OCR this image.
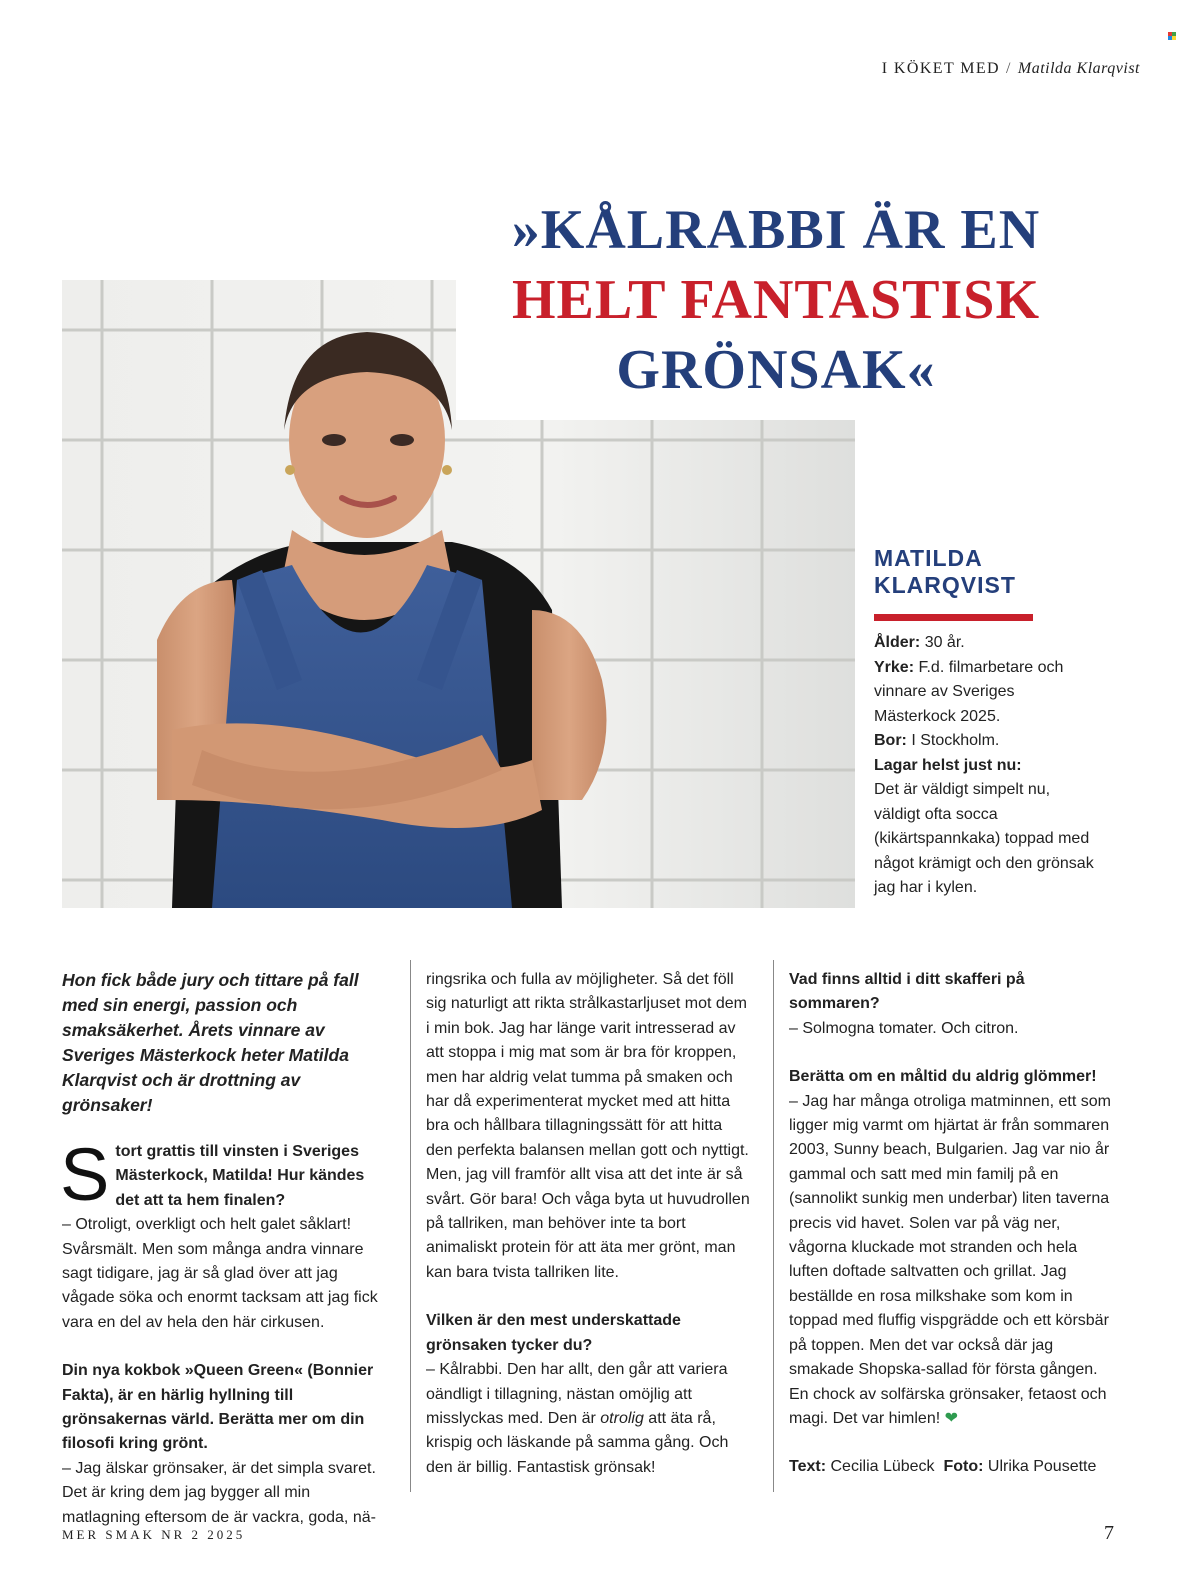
I KÖKET MED / Matilda Klarqvist
»KÅLRABBI ÄR EN
HELT FANTASTISK
GRÖNSAK«
MATILDA
KLARQVIST
Ålder: 30 år.
Yrke: F.d. filmarbetare och vinnare av Sveriges Mästerkock 2025.
Bor: I Stockholm.
Lagar helst just nu:
Det är väldigt simpelt nu, väldigt ofta socca (kikärtspannkaka) toppad med något krämigt och den grönsak jag har i kylen.

Hon fick både jury och tittare på fall med sin energi, passion och smaksäkerhet. Årets vinnare av Sveriges Mästerkock heter Matilda Klarqvist och är drottning av grönsaker!

S tort grattis till vinsten i Sveriges Mästerkock, Matilda! Hur kändes det att ta hem finalen?

– Otroligt, overkligt och helt galet såklart! Svårsmält. Men som många andra vinnare sagt tidigare, jag är så glad över att jag vågade söka och enormt tacksam att jag fick vara en del av hela den här cirkusen.

Din nya kokbok »Queen Green« (Bonnier Fakta), är en härlig hyllning till grönsakernas värld. Berätta mer om din filosofi kring grönt.

– Jag älskar grönsaker, är det simpla svaret. Det är kring dem jag bygger all min matlagning eftersom de är vackra, goda, nä-

ringsrika och fulla av möjligheter. Så det föll sig naturligt att rikta strålkastarljuset mot dem i min bok. Jag har länge varit intresserad av att stoppa i mig mat som är bra för kroppen, men har aldrig velat tumma på smaken och har då experimenterat mycket med att hitta bra och hållbara tillagningssätt för att hitta den perfekta balansen mellan gott och nyttigt. Men, jag vill framför allt visa att det inte är så svårt. Gör bara! Och våga byta ut huvudrollen på tallriken, man behöver inte ta bort animaliskt protein för att äta mer grönt, man kan bara tvista tallriken lite.

Vilken är den mest underskattade grönsaken tycker du?

– Kålrabbi. Den har allt, den går att variera oändligt i tillagning, nästan omöjlig att misslyckas med. Den är otrolig att äta rå, krispig och läskande på samma gång. Och den är billig. Fantastisk grönsak!

Vad finns alltid i ditt skafferi på sommaren?

– Solmogna tomater. Och citron.

Berätta om en måltid du aldrig glömmer!

– Jag har många otroliga matminnen, ett som ligger mig varmt om hjärtat är från sommaren 2003, Sunny beach, Bulgarien. Jag var nio år gammal och satt med min familj på en (sannolikt sunkig men underbar) liten taverna precis vid havet. Solen var på väg ner, vågorna kluckade mot stranden och hela luften doftade saltvatten och grillat. Jag beställde en rosa milkshake som kom in toppad med fluffig vispgrädde och ett körsbär på toppen. Men det var också där jag smakade Shopska-sallad för första gången. En chock av solfärska grönsaker, fetaost och magi. Det var himlen! ❤

Text: Cecilia Lübeck Foto: Ulrika Pousette

MER SMAK NR 2 2025	7
